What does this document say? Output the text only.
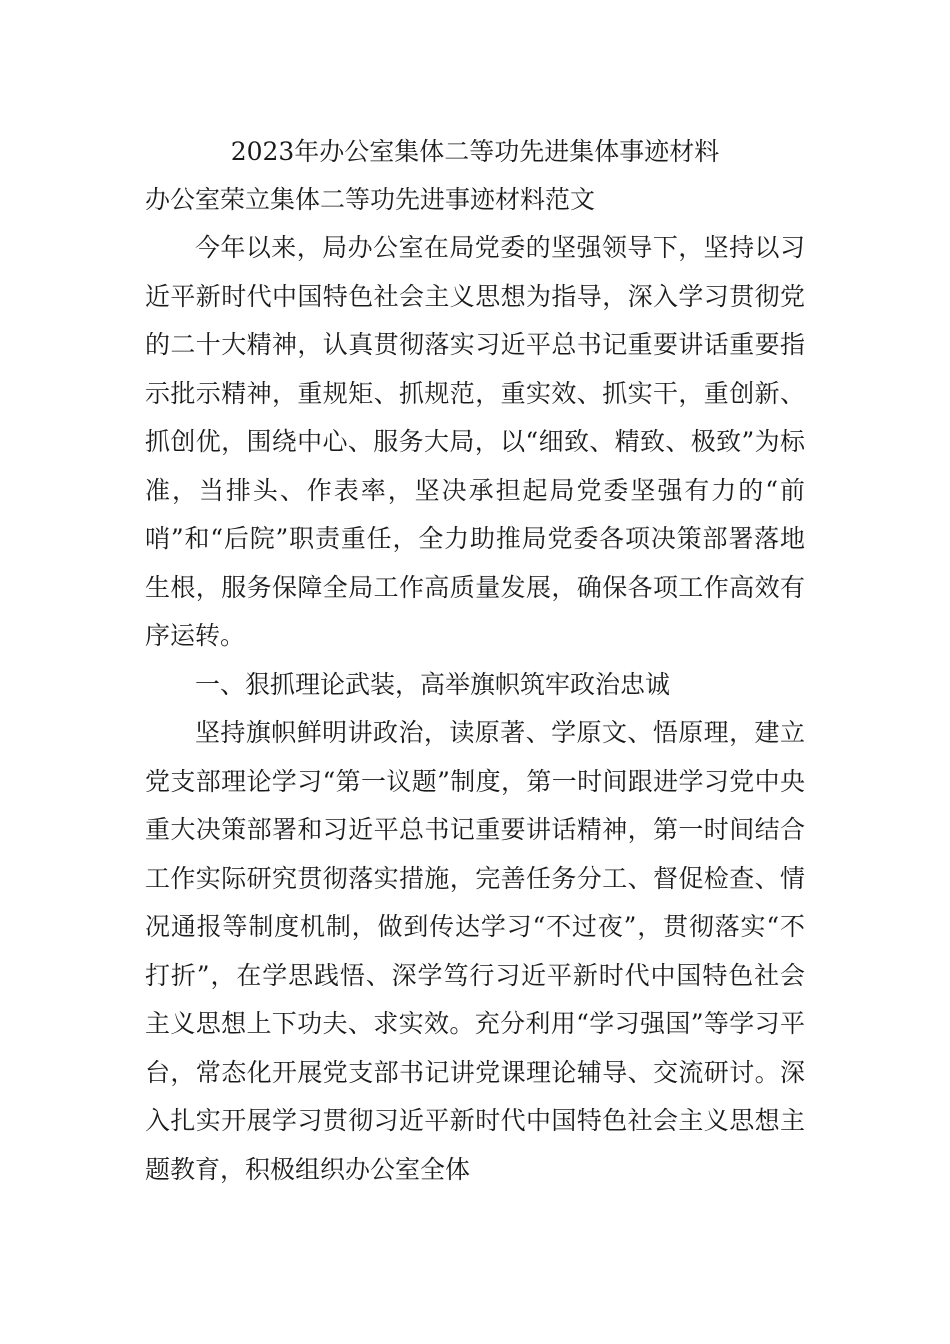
2023年办公室集体二等功先进集体事迹材料

办公室荣立集体二等功先进事迹材料范文

今年以来，局办公室在局党委的坚强领导下，坚持以习近平新时代中国特色社会主义思想为指导，深入学习贯彻党的二十大精神，认真贯彻落实习近平总书记重要讲话重要指示批示精神，重规矩、抓规范，重实效、抓实干，重创新、抓创优，围绕中心、服务大局，以“细致、精致、极致”为标准，当排头、作表率，坚决承担起局党委坚强有力的“前哨”和“后院”职责重任，全力助推局党委各项决策部署落地生根，服务保障全局工作高质量发展，确保各项工作高效有序运转。

一、狠抓理论武装，高举旗帜筑牢政治忠诚

坚持旗帜鲜明讲政治，读原著、学原文、悟原理，建立党支部理论学习“第一议题”制度，第一时间跟进学习党中央重大决策部署和习近平总书记重要讲话精神，第一时间结合工作实际研究贯彻落实措施，完善任务分工、督促检查、情况通报等制度机制，做到传达学习“不过夜”，贯彻落实“不打折”，在学思践悟、深学笃行习近平新时代中国特色社会主义思想上下功夫、求实效。充分利用“学习强国”等学习平台，常态化开展党支部书记讲党课理论辅导、交流研讨。深入扎实开展学习贯彻习近平新时代中国特色社会主义思想主题教育，积极组织办公室全体
